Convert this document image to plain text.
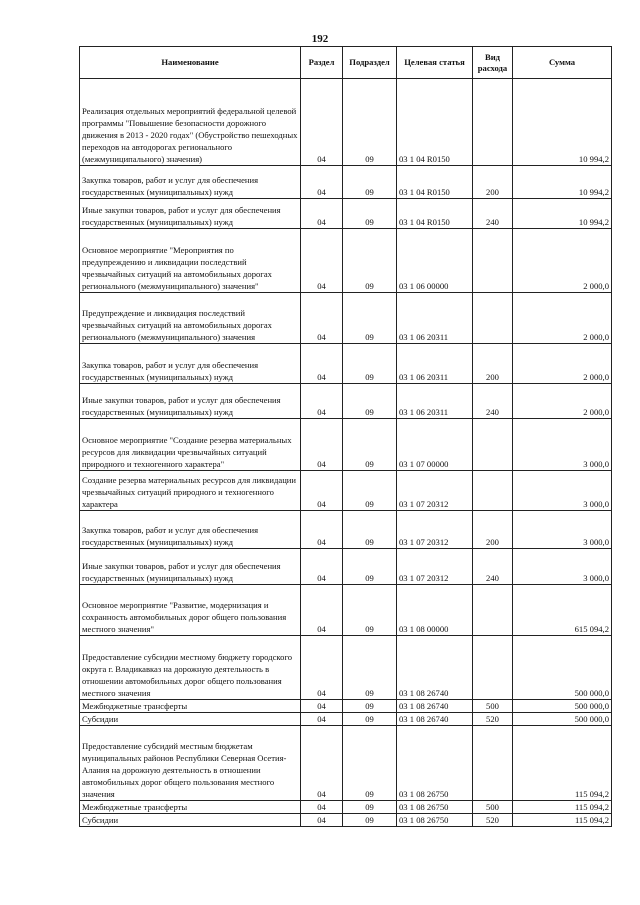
192
Наименование	Раздел	Подраздел	Целевая статья	Вид расхода	Сумма
Реализация отдельных мероприятий федеральной целевой программы "Повышение безопасности дорожного движения в 2013 - 2020 годах" (Обустройство пешеходных переходов на автодорогах регионального (межмуниципального) значения)	04	09	03 1 04 R0150		10 994,2
Закупка товаров, работ и услуг для обеспечения государственных (муниципальных) нужд	04	09	03 1 04 R0150	200	10 994,2
Иные закупки товаров, работ и услуг для обеспечения государственных (муниципальных) нужд	04	09	03 1 04 R0150	240	10 994,2
Основное мероприятие "Мероприятия по предупреждению и ликвидации последствий чрезвычайных ситуаций на автомобильных дорогах регионального (межмуниципального) значения"	04	09	03 1 06 00000		2 000,0
Предупреждение и ликвидация последствий чрезвычайных ситуаций на автомобильных дорогах регионального (межмуниципального) значения	04	09	03 1 06 20311		2 000,0
Закупка товаров, работ и услуг для обеспечения государственных (муниципальных) нужд	04	09	03 1 06 20311	200	2 000,0
Иные закупки товаров, работ и услуг для обеспечения государственных (муниципальных) нужд	04	09	03 1 06 20311	240	2 000,0
Основное мероприятие "Создание резерва материальных ресурсов для ликвидации чрезвычайных ситуаций природного и техногенного характера"	04	09	03 1 07 00000		3 000,0
Создание резерва материальных ресурсов для ликвидации чрезвычайных ситуаций природного и техногенного характера	04	09	03 1 07 20312		3 000,0
Закупка товаров, работ и услуг для обеспечения государственных (муниципальных) нужд	04	09	03 1 07 20312	200	3 000,0
Иные закупки товаров, работ и услуг для обеспечения государственных (муниципальных) нужд	04	09	03 1 07 20312	240	3 000,0
Основное мероприятие "Развитие, модернизация и сохранность автомобильных дорог общего пользования местного значения"	04	09	03 1 08 00000		615 094,2
Предоставление субсидии местному бюджету городского округа г. Владикавказ на дорожную деятельность в отношении автомобильных дорог общего пользования местного значения	04	09	03 1 08 26740		500 000,0
Межбюджетные трансферты	04	09	03 1 08 26740	500	500 000,0
Субсидии	04	09	03 1 08 26740	520	500 000,0
Предоставление субсидий местным бюджетам муниципальных районов Республики Северная Осетия-Алания на дорожную деятельность в отношении автомобильных дорог общего пользования местного значения	04	09	03 1 08 26750		115 094,2
Межбюджетные трансферты	04	09	03 1 08 26750	500	115 094,2
Субсидии	04	09	03 1 08 26750	520	115 094,2
